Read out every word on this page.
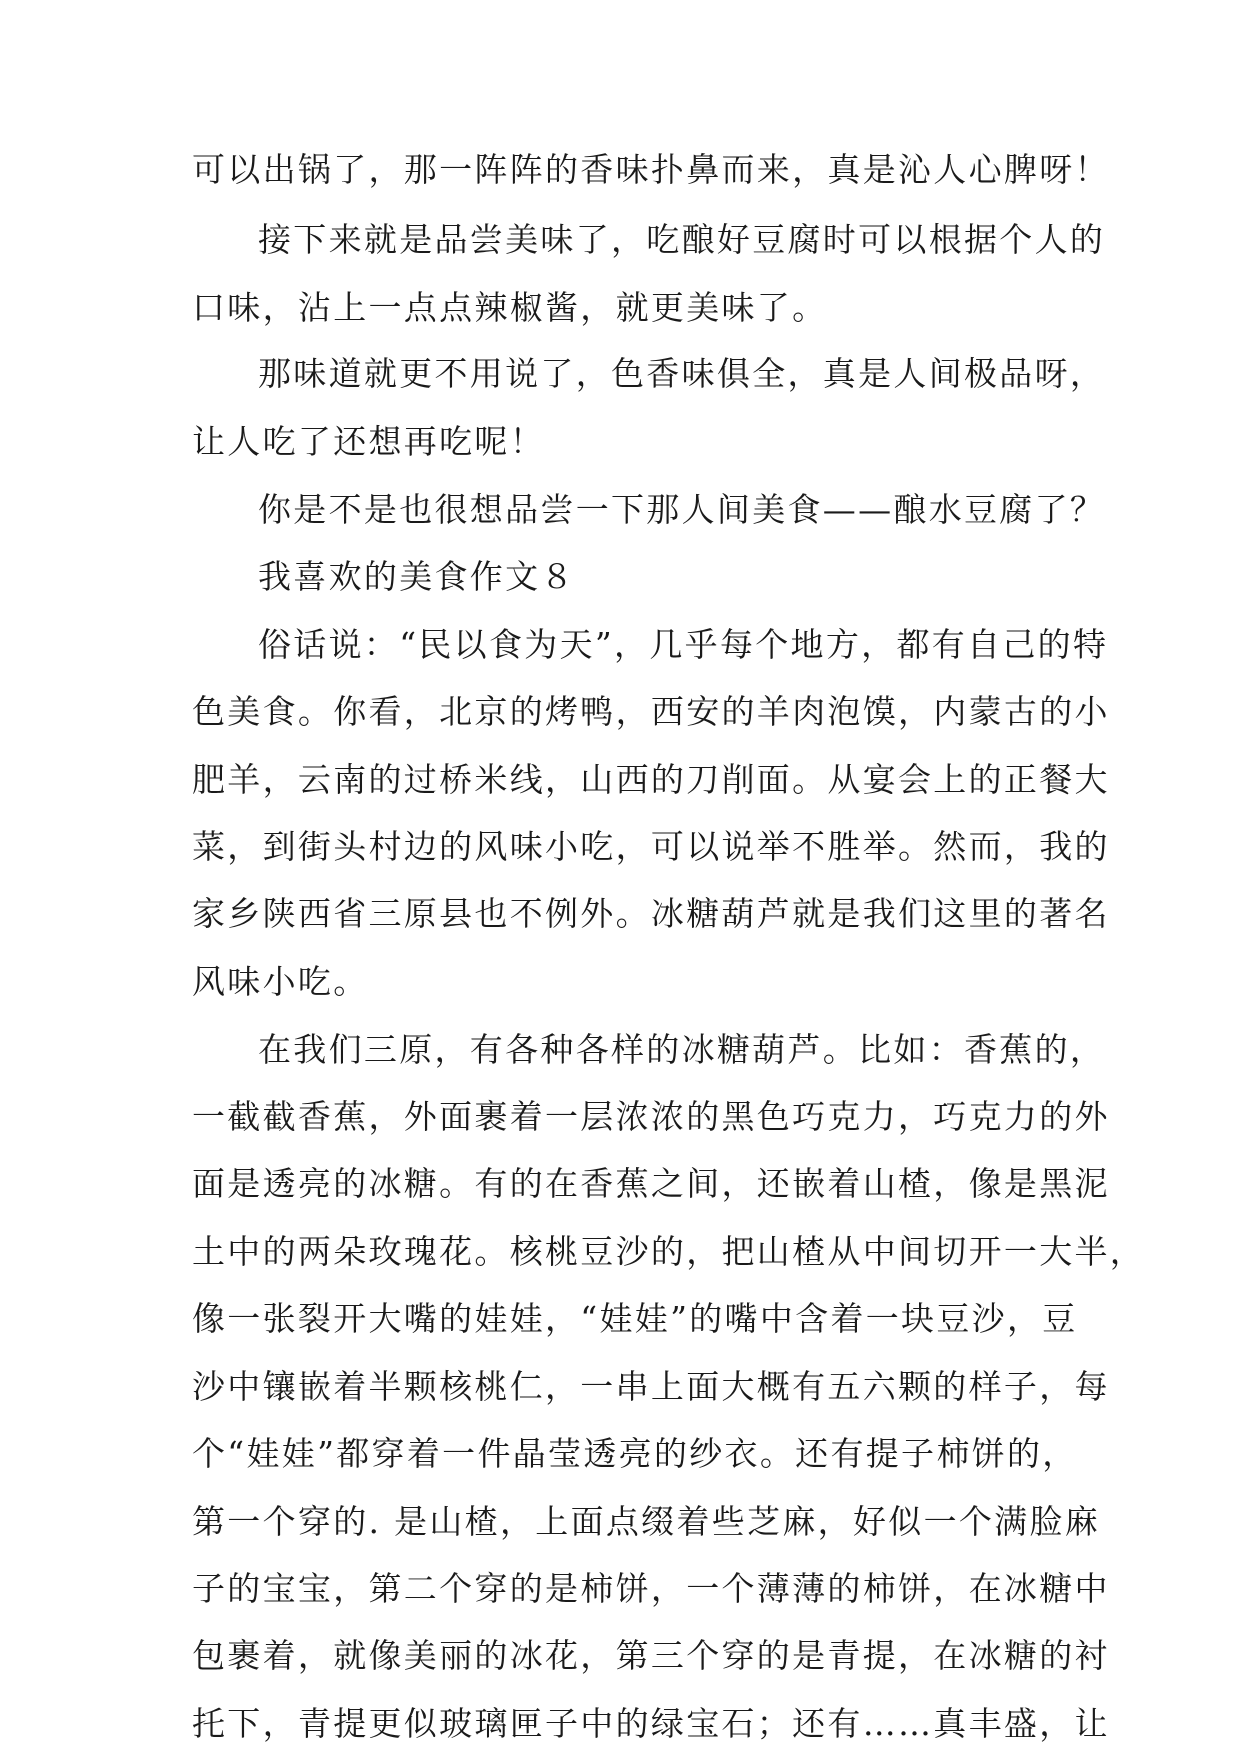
可以出锅了，那一阵阵的香味扑鼻而来，真是沁人心脾呀！
接下来就是品尝美味了，吃酿好豆腐时可以根据个人的
口味，沾上一点点辣椒酱，就更美味了。
那味道就更不用说了，色香味俱全，真是人间极品呀，
让人吃了还想再吃呢！
你是不是也很想品尝一下那人间美食——酿水豆腐了？
我喜欢的美食作文８
俗话说：“民以食为天”，几乎每个地方，都有自己的特
色美食。你看，北京的烤鸭，西安的羊肉泡馍，内蒙古的小
肥羊，云南的过桥米线，山西的刀削面。从宴会上的正餐大
菜，到街头村边的风味小吃，可以说举不胜举。然而，我的
家乡陕西省三原县也不例外。冰糖葫芦就是我们这里的著名
风味小吃。
在我们三原，有各种各样的冰糖葫芦。比如：香蕉的，
一截截香蕉，外面裹着一层浓浓的黑色巧克力，巧克力的外
面是透亮的冰糖。有的在香蕉之间，还嵌着山楂，像是黑泥
土中的两朵玫瑰花。核桃豆沙的，把山楂从中间切开一大半，
像一张裂开大嘴的娃娃，“娃娃”的嘴中含着一块豆沙，豆
沙中镶嵌着半颗核桃仁，一串上面大概有五六颗的样子，每
个“娃娃”都穿着一件晶莹透亮的纱衣。还有提子柿饼的，
第一个穿的. 是山楂，上面点缀着些芝麻，好似一个满脸麻
子的宝宝，第二个穿的是柿饼，一个薄薄的柿饼，在冰糖中
包裹着，就像美丽的冰花，第三个穿的是青提，在冰糖的衬
托下，青提更似玻璃匣子中的绿宝石；还有……真丰盛，让
